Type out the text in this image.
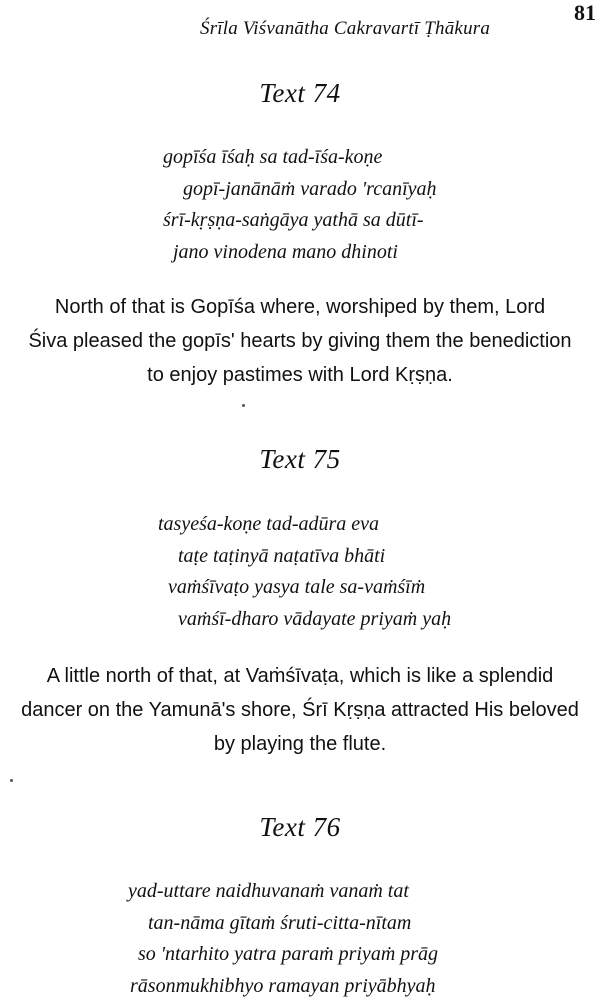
Śrīla Viśvanātha Cakravartī Ṭhākura
81
Text 74
gopīśa īśaḥ sa tad-īśa-koṇe
gopī-janānāṁ varado 'rcanīyaḥ
śrī-kṛṣṇa-saṅgāya yathā sa dūtī-
jano vinodena mano dhinoti
North of that is Gopīśa where, worshiped by them, Lord
Śiva pleased the gopīs' hearts by giving them the benediction
to enjoy pastimes with Lord Kṛṣṇa.
Text 75
tasyeśa-koṇe tad-adūra eva
taṭe taṭinyā naṭatīva bhāti
vaṁśīvaṭo yasya tale sa-vaṁśīṁ
vaṁśī-dharo vādayate priyaṁ yaḥ
A little north of that, at Vaṁśīvaṭa, which is like a splendid
dancer on the Yamunā's shore, Śrī Kṛṣṇa attracted His beloved
by playing the flute.
Text 76
yad-uttare naidhuvanaṁ vanaṁ tat
tan-nāma gītaṁ śruti-citta-nītam
so 'ntarhito yatra paraṁ priyaṁ prāg
rāsonmukhibhyo ramayan priyābhyaḥ
